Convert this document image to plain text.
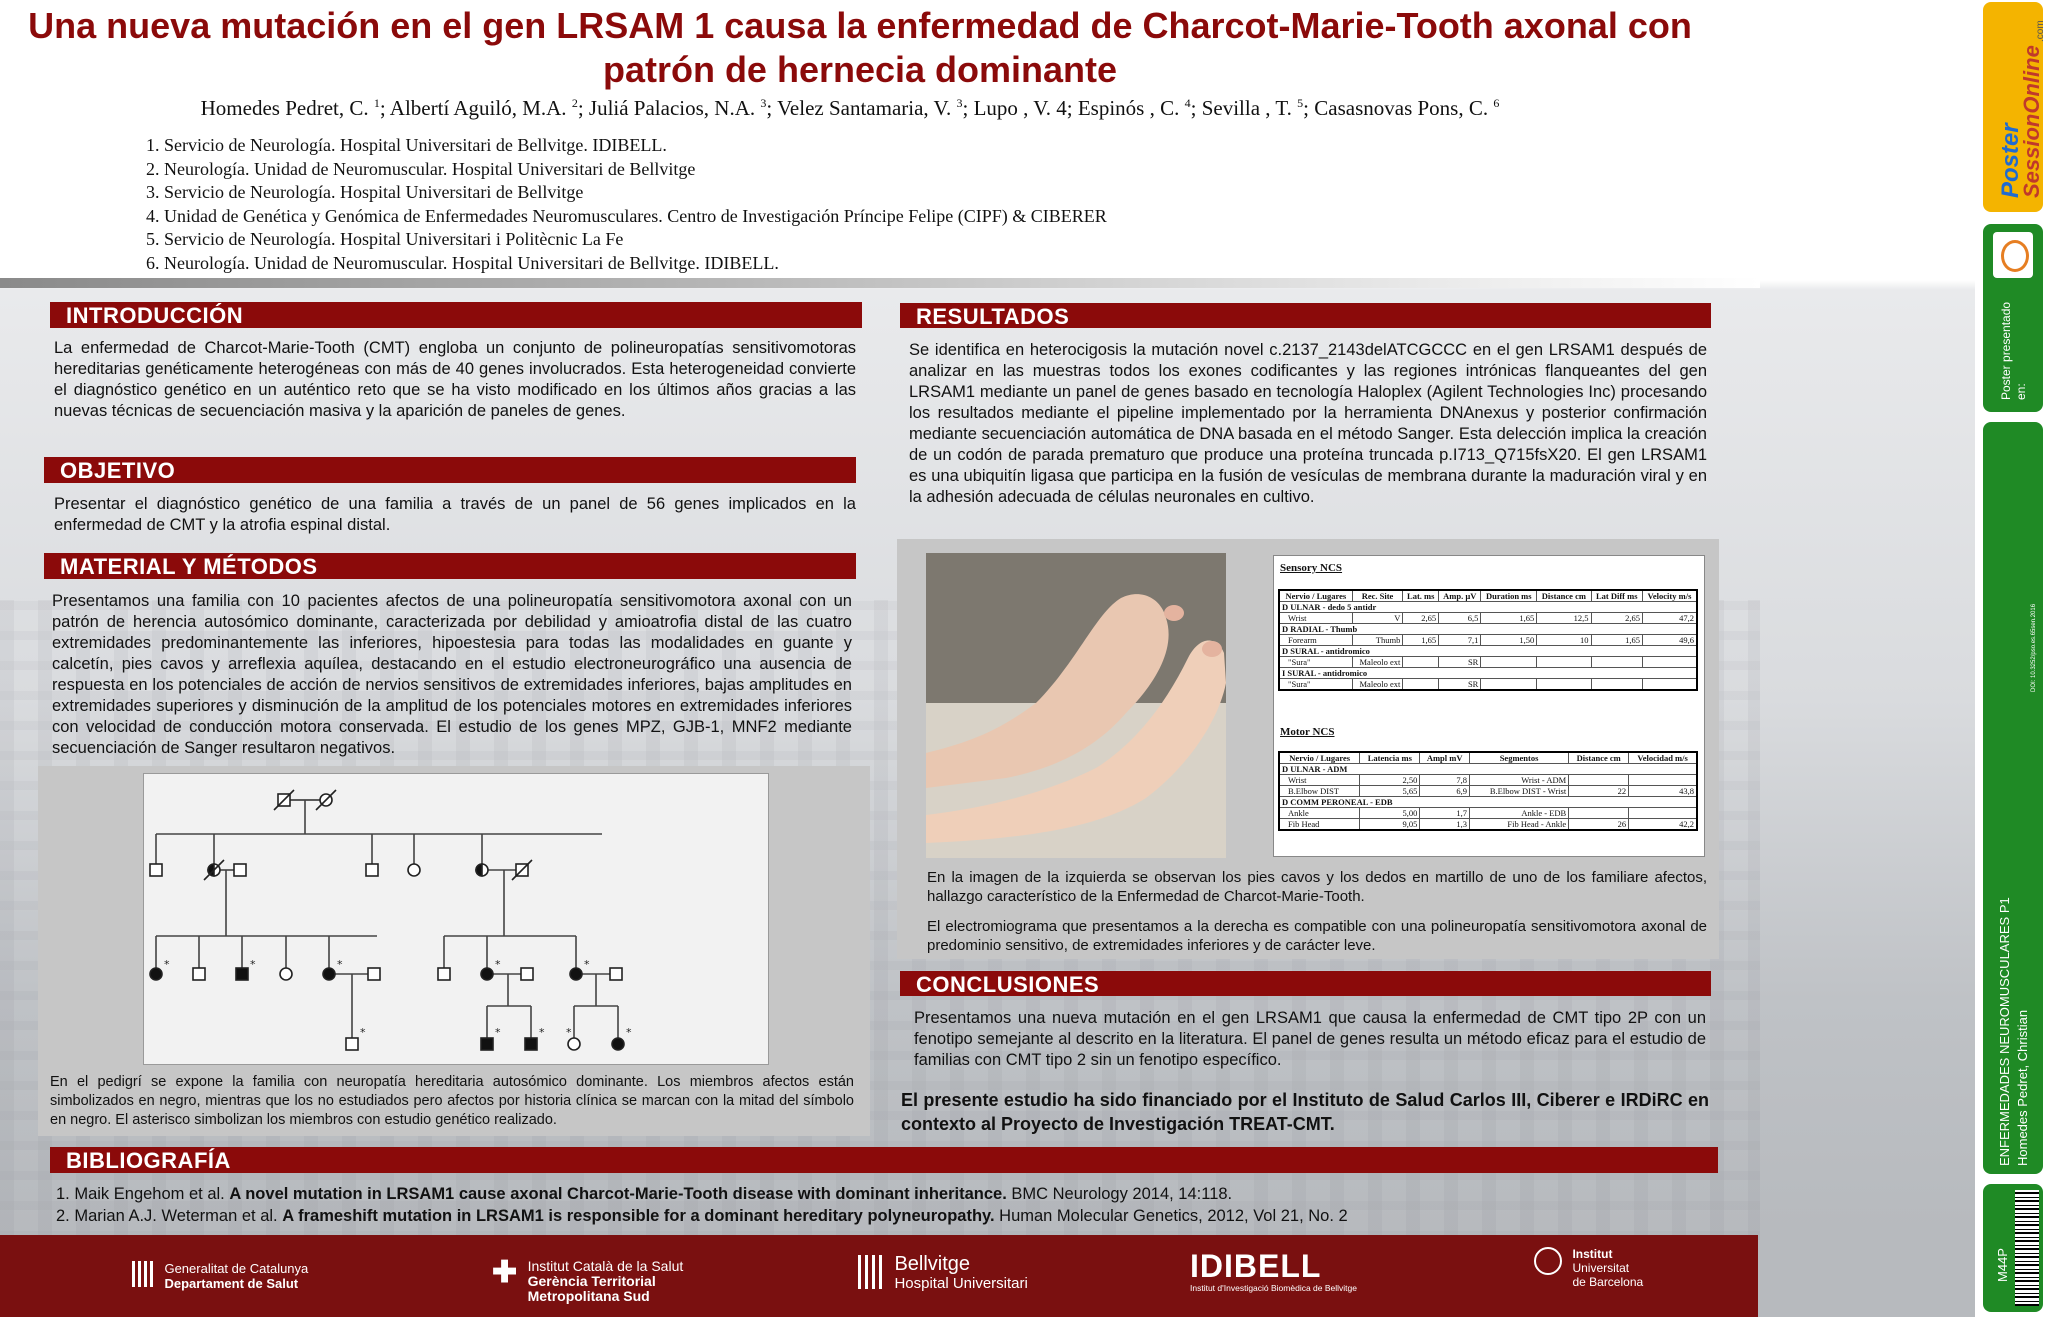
Una nueva mutación en el gen LRSAM 1 causa la enfermedad de Charcot-Marie-Tooth axonal con patrón de hernecia dominante
Homedes Pedret, C. $^1$; Albertí Aguiló, M.A. $^2$; Juliá Palacios, N.A. $^3$; Velez Santamaria, V. $^3$; Lupo , V. 4; Espinós , C. $^4$; Sevilla , T. $^5$; Casasnovas Pons, C. $^6$
1. Servicio de Neurología. Hospital Universitari de Bellvitge. IDIBELL.
2. Neurología. Unidad de Neuromuscular. Hospital Universitari de Bellvitge
3. Servicio de Neurología. Hospital Universitari de Bellvitge
4. Unidad de Genética y Genómica de Enfermedades Neuromusculares. Centro de Investigación Príncipe Felipe (CIPF) & CIBERER
5. Servicio de Neurología. Hospital Universitari i Politècnic La Fe
6. Neurología. Unidad de Neuromuscular. Hospital Universitari de Bellvitge. IDIBELL.
INTRODUCCIÓN
La enfermedad de Charcot-Marie-Tooth (CMT) engloba un conjunto de polineuropatías sensitivomotoras hereditarias genéticamente heterogéneas con más de 40 genes involucrados. Esta heterogeneidad convierte el diagnóstico genético en un auténtico reto que se ha visto modificado en los últimos años gracias a las nuevas técnicas de secuenciación masiva y la aparición de paneles de genes.
OBJETIVO
Presentar el diagnóstico genético de una familia a través de un panel de 56 genes implicados en la enfermedad de CMT y la atrofia espinal distal.
MATERIAL Y MÉTODOS
Presentamos una familia con 10 pacientes afectos de una polineuropatía sensitivomotora axonal con un patrón de herencia autosómico dominante, caracterizada por debilidad y amioatrofia distal de las cuatro extremidades predominantemente las inferiores, hipoestesia para todas las modalidades en guante y calcetín, pies cavos y arreflexia aquílea, destacando en el estudio electroneurográfico una ausencia de respuesta en los potenciales de acción de nervios sensitivos de extremidades inferiores, bajas amplitudes en extremidades superiores y disminución de la amplitud de los potenciales motores en extremidades inferiores con velocidad de conducción motora conservada. El estudio de los genes MPZ, GJB-1, MNF2 mediante secuenciación de Sanger resultaron negativos.
*	*	*	*	*
*	*	* *	*
En el pedigrí se expone la familia con neuropatía hereditaria autosómico dominante. Los miembros afectos están simbolizados en negro, mientras que los no estudiados pero afectos por historia clínica se marcan con la mitad del símbolo en negro. El asterisco simbolizan los miembros con estudio genético realizado.
RESULTADOS
Se identifica en heterocigosis la mutación novel c.2137_2143delATCGCCC en el gen LRSAM1 después de analizar en las muestras todos los exones codificantes y las regiones intrónicas flanqueantes del gen LRSAM1 mediante un panel de genes basado en tecnología Haloplex (Agilent Technologies Inc) procesando los resultados mediante el pipeline implementado por la herramienta DNAnexus y posterior confirmación mediante secuenciación automática de DNA basada en el método Sanger. Esta delección implica la creación de un codón de parada prematuro que produce una proteína truncada p.I713_Q715fsX20. El gen LRSAM1 es una ubiquitín ligasa que participa en la fusión de vesículas de membrana durante la maduración viral y en la adhesión adecuada de células neuronales en cultivo.
Sensory NCS
Nervio / Lugares	Rec. Site	Lat. ms	Amp. µV	Duration ms	Distance cm	Lat Diff ms	Velocity m/s
D ULNAR - dedo 5 antidr							
Wrist	V	2,65	6,5	1,65	12,5	2,65	47,2
D RADIAL - Thumb							
Forearm	Thumb	1,65	7,1	1,50	10	1,65	49,6
D SURAL - antidromico							
"Sura"	Maleolo ext		SR				
I SURAL - antidromico							
"Sura"	Maleolo ext		SR				
Motor NCS
Nervio / Lugares	Latencia ms	Ampl mV	Segmentos	Distance cm	Velocidad m/s
D ULNAR - ADM					
Wrist	2,50	7,8	Wrist - ADM		
B.Elbow DIST	5,65	6,9	B.Elbow DIST - Wrist	22	43,8
D COMM PERONEAL - EDB					
Ankle	5,00	1,7	Ankle - EDB		
Fib Head	9,05	1,3	Fib Head - Ankle	26	42,2
En la imagen de la izquierda se observan los pies cavos y los dedos en martillo de uno de los familiare afectos, hallazgo característico de la Enfermedad de Charcot-Marie-Tooth.
El electromiograma que presentamos a la derecha es compatible con una polineuropatía sensitivomotora axonal de predominio sensitivo, de extremidades inferiores y de carácter leve.
CONCLUSIONES
Presentamos una nueva mutación en el gen LRSAM1 que causa la enfermedad de CMT tipo 2P con un fenotipo semejante al descrito en la literatura. El panel de genes resulta un método eficaz para el estudio de familias con CMT tipo 2 sin un fenotipo específico.
El presente estudio ha sido financiado por el Instituto de Salud Carlos III, Ciberer e IRDiRC en contexto al Proyecto de Investigación TREAT-CMT.
BIBLIOGRAFÍA
1. Maik Engehom et al. A novel mutation in LRSAM1 cause axonal Charcot-Marie-Tooth disease with dominant inheritance. BMC Neurology 2014, 14:118.
2. Marian A.J. Weterman et al. A frameshift mutation in LRSAM1 is responsible for a dominant hereditary polyneuropathy. Human Molecular Genetics, 2012, Vol 21, No. 2
Generalitat de Catalunya
Departament de Salut	✚ Institut Català de la Salut
Gerència Territorial
Metropolitana Sud
Bellvitge
Hospital Universitari	IDIBELL
Institut d'Investigació Biomèdica de Bellvitge
Institut
Universitat
de Barcelona
Poster
SessionOnline
.com
Poster presentado en:
ENFERMEDADES NEUROMUSCULARES P1 Homedes Pedret, Christian
DOI: 10.3252/pso.es.65sen.2016
M44P
